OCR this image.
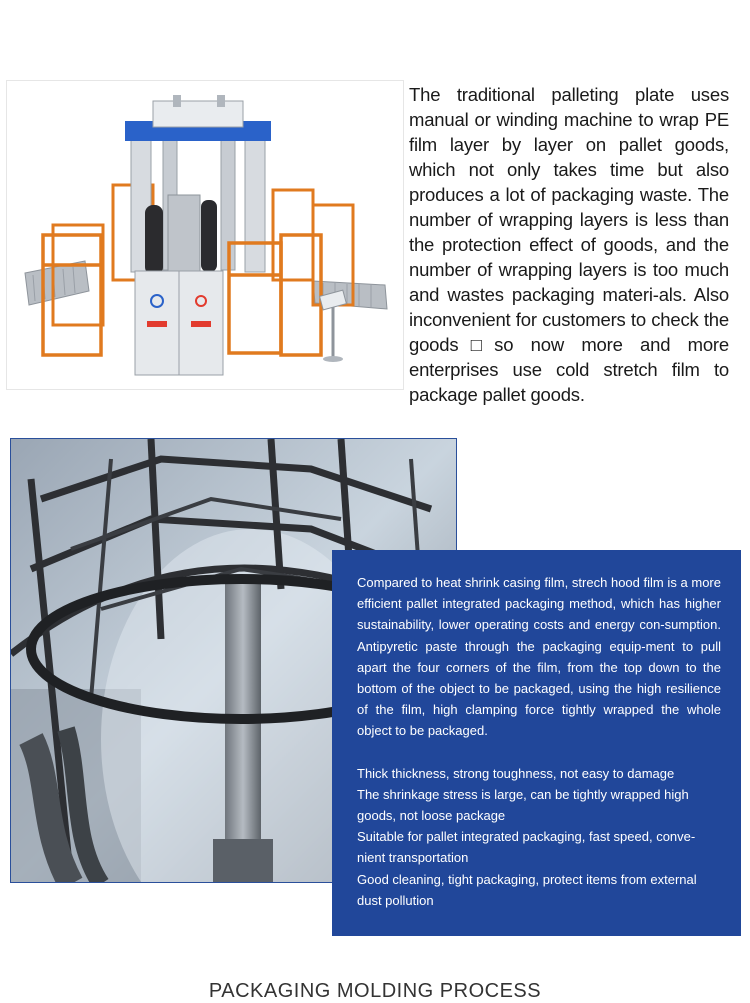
The traditional palleting plate uses manual or winding machine to wrap PE film layer by layer on pallet goods, which not only takes time but also produces a lot of packaging waste. The number of wrapping layers is less than the protection effect of goods, and the number of wrapping layers is too much and wastes packaging materi-als. Also inconvenient for customers to check the goods□so now more and more enterprises use cold stretch film to package pallet goods.

Compared to heat shrink casing film, strech hood film is a more efficient pallet integrated packaging method, which has higher sustainability, lower operating costs and energy con-sumption. Antipyretic paste through the packaging equip-ment to pull apart the four corners of the film, from the top down to the bottom of the object to be packaged, using the high resilience of the film, high clamping force tightly wrapped the whole object to be packaged.

Thick thickness, strong toughness, not easy to damage

The shrinkage stress is large, can be tightly wrapped high goods, not loose package

Suitable for pallet integrated packaging, fast speed, conve-nient transportation

Good cleaning, tight packaging, protect items from external dust pollution

PACKAGING MOLDING PROCESS
